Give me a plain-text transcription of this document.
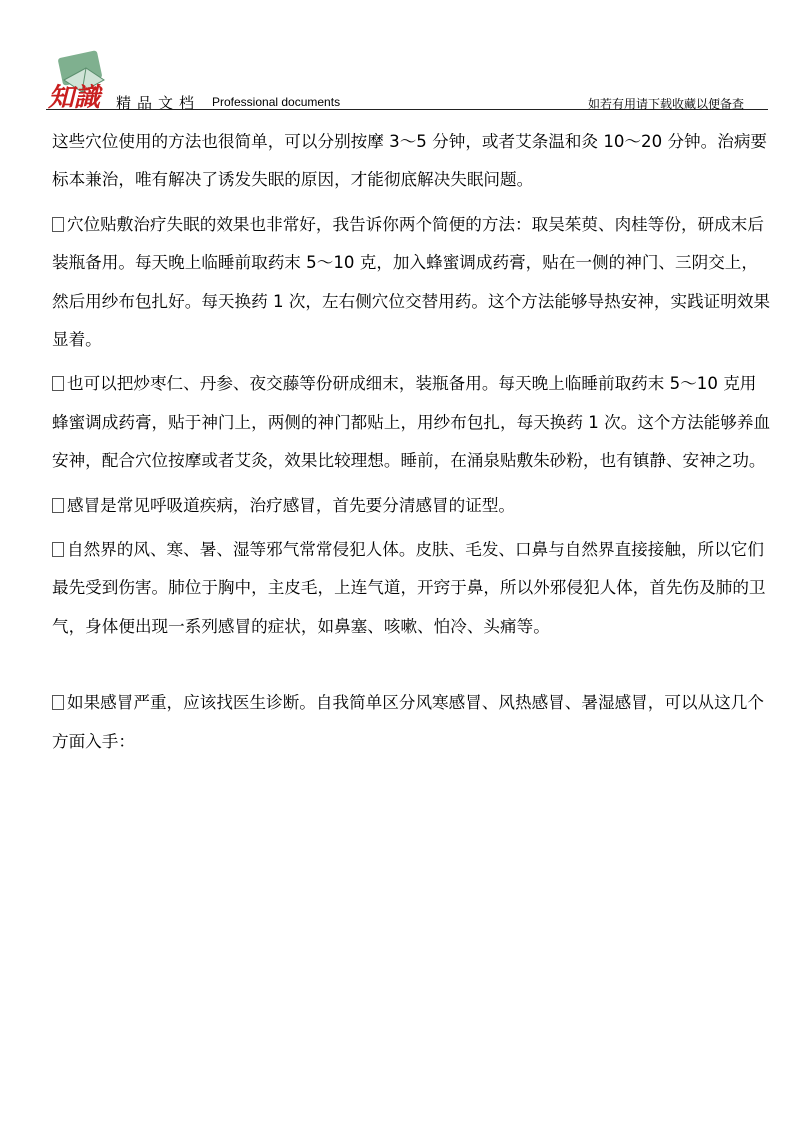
知識 精品文档 Professional documents	如若有用请下载收藏以便备查

这些穴位使用的方法也很简单，可以分别按摩 3～5 分钟，或者艾条温和灸 10～20 分钟。治病要标本兼治，唯有解决了诱发失眠的原因，才能彻底解决失眠问题。

穴位贴敷治疗失眠的效果也非常好，我告诉你两个简便的方法：取吴茱萸、肉桂等份，研成末后装瓶备用。每天晚上临睡前取药末 5～10 克，加入蜂蜜调成药膏，贴在一侧的神门、三阴交上，然后用纱布包扎好。每天换药 1 次，左右侧穴位交替用药。这个方法能够导热安神，实践证明效果显着。

也可以把炒枣仁、丹参、夜交藤等份研成细末，装瓶备用。每天晚上临睡前取药末 5～10 克用蜂蜜调成药膏，贴于神门上，两侧的神门都贴上，用纱布包扎，每天换药 1 次。这个方法能够养血安神，配合穴位按摩或者艾灸，效果比较理想。睡前，在涌泉贴敷朱砂粉，也有镇静、安神之功。

感冒是常见呼吸道疾病，治疗感冒，首先要分清感冒的证型。

自然界的风、寒、暑、湿等邪气常常侵犯人体。皮肤、毛发、口鼻与自然界直接接触，所以它们最先受到伤害。肺位于胸中，主皮毛，上连气道，开窍于鼻，所以外邪侵犯人体，首先伤及肺的卫气，身体便出现一系列感冒的症状，如鼻塞、咳嗽、怕冷、头痛等。

如果感冒严重，应该找医生诊断。自我简单区分风寒感冒、风热感冒、暑湿感冒，可以从这几个方面入手：
